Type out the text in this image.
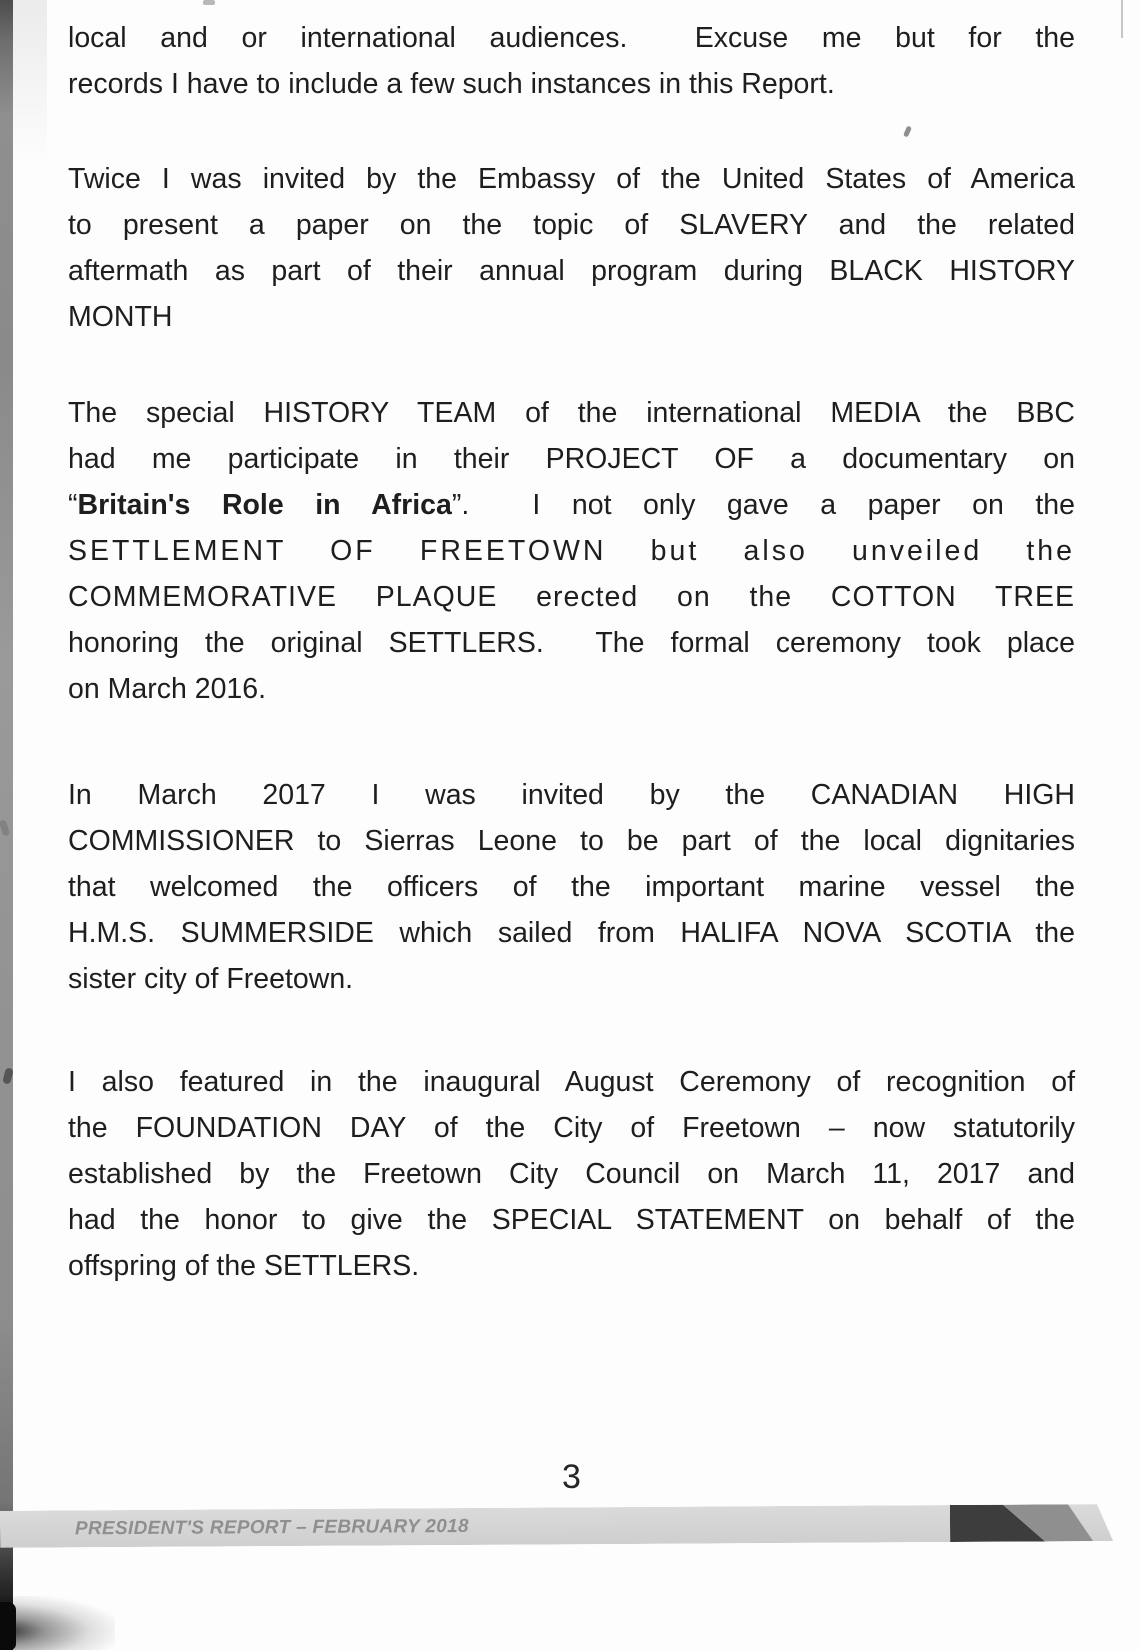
local and or international audiences.  Excuse me but for the
records I have to include a few such instances in this Report.
Twice I was invited by the Embassy of the United States of America
to present a paper on the topic of SLAVERY and the related
aftermath as part of their annual program during BLACK HISTORY
MONTH
The special HISTORY TEAM of the international MEDIA the BBC
had me participate in their PROJECT OF a documentary on
“Britain's Role in Africa”.  I not only gave a paper on the
SETTLEMENT OF FREETOWN but also unveiled the
COMMEMORATIVE PLAQUE erected on the COTTON TREE
honoring the original SETTLERS.  The formal ceremony took place
on March 2016.
In March 2017 I was invited by the CANADIAN HIGH
COMMISSIONER to Sierras Leone to be part of the local dignitaries
that welcomed the officers of the important marine vessel the
H.M.S. SUMMERSIDE which sailed from HALIFA NOVA SCOTIA the
sister city of Freetown.
I also featured in the inaugural August Ceremony of recognition of
the FOUNDATION DAY of the City of Freetown – now statutorily
established by the Freetown City Council on March 11, 2017 and
had the honor to give the SPECIAL STATEMENT on behalf of the
offspring of the SETTLERS.
3
PRESIDENT'S REPORT – FEBRUARY 2018
